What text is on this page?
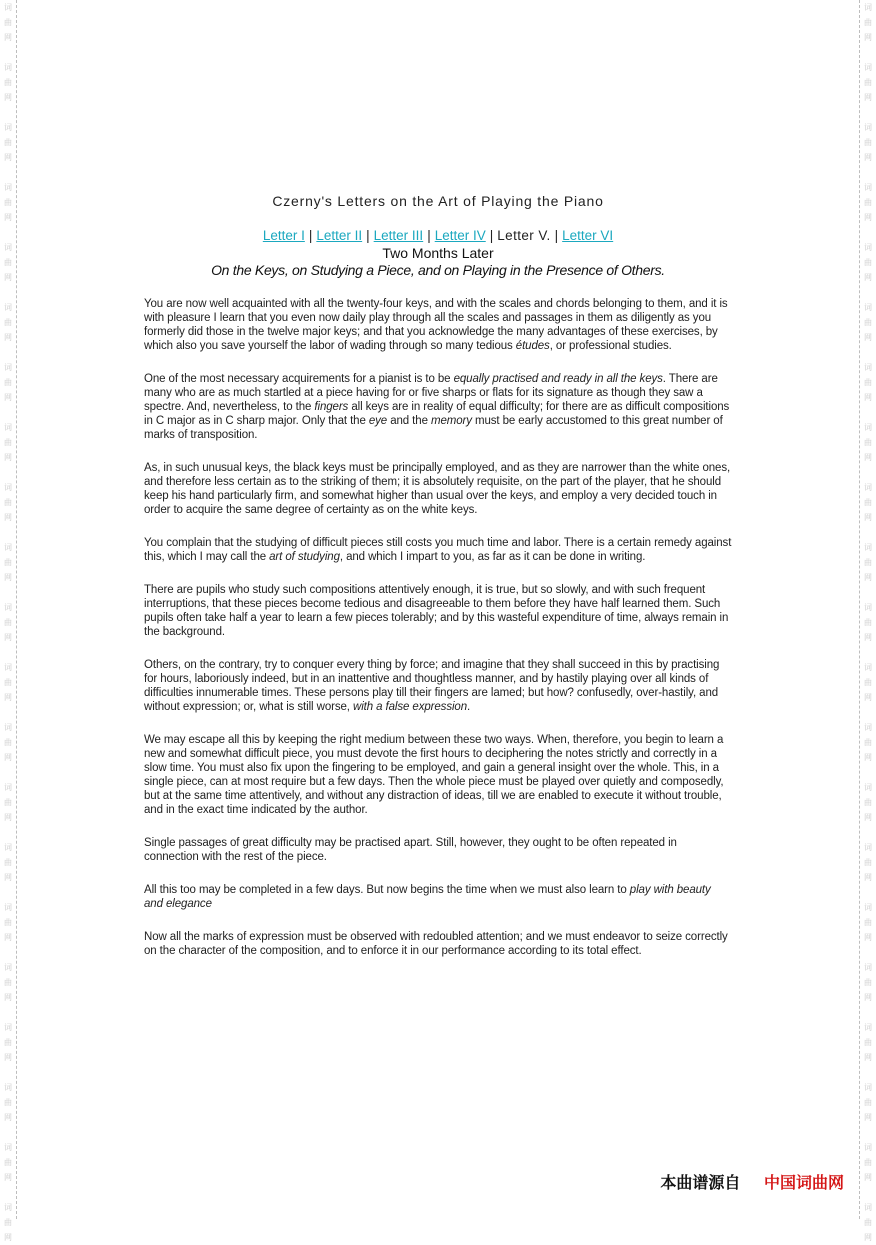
词
曲
网
词
曲
网
词
曲
网
词
曲
网
词
曲
网
词
曲
网
词
曲
网
词
曲
网
词
曲
网
词
曲
网
词
曲
网
词
曲
网
词
曲
网
词
曲
网
词
曲
网
词
曲
网
词
曲
网
词
曲
网
词
曲
网
词
曲
网
词
曲
网
词
曲
网
词
曲
网
词
曲
网
词
曲
网
词
曲
网
词
曲
网
词
曲
网
词
曲
网
词
曲
网
词
曲
网
词
曲
网
词
曲
网
词
曲
网
词
曲
网
词
曲
网
词
曲
网
词
曲
网
词
曲
网
词
曲
网
词
曲
网
词
曲
网
Czerny's Letters on the Art of Playing the Piano
Letter I | Letter II | Letter III | Letter IV | Letter V. | Letter VI
Two Months Later
On the Keys, on Studying a Piece, and on Playing in the Presence of Others.

You are now well acquainted with all the twenty-four keys, and with the scales and chords belonging to them, and it is with pleasure I learn that you even now daily play through all the scales and passages in them as diligently as you formerly did those in the twelve major keys; and that you acknowledge the many advantages of these exercises, by which also you save yourself the labor of wading through so many tedious études, or professional studies.

One of the most necessary acquirements for a pianist is to be equally practised and ready in all the keys. There are many who are as much startled at a piece having for or five sharps or flats for its signature as though they saw a spectre. And, nevertheless, to the fingers all keys are in reality of equal difficulty; for there are as difficult compositions in C major as in C sharp major. Only that the eye and the memory must be early accustomed to this great number of marks of transposition.

As, in such unusual keys, the black keys must be principally employed, and as they are narrower than the white ones, and therefore less certain as to the striking of them; it is absolutely requisite, on the part of the player, that he should keep his hand particularly firm, and somewhat higher than usual over the keys, and employ a very decided touch in order to acquire the same degree of certainty as on the white keys.

You complain that the studying of difficult pieces still costs you much time and labor. There is a certain remedy against this, which I may call the art of studying, and which I impart to you, as far as it can be done in writing.

There are pupils who study such compositions attentively enough, it is true, but so slowly, and with such frequent interruptions, that these pieces become tedious and disagreeable to them before they have half learned them. Such pupils often take half a year to learn a few pieces tolerably; and by this wasteful expenditure of time, always remain in the background.

Others, on the contrary, try to conquer every thing by force; and imagine that they shall succeed in this by practising for hours, laboriously indeed, but in an inattentive and thoughtless manner, and by hastily playing over all kinds of difficulties innumerable times. These persons play till their fingers are lamed; but how? confusedly, over-hastily, and without expression; or, what is still worse, with a false expression.

We may escape all this by keeping the right medium between these two ways. When, therefore, you begin to learn a new and somewhat difficult piece, you must devote the first hours to deciphering the notes strictly and correctly in a slow time. You must also fix upon the fingering to be employed, and gain a general insight over the whole. This, in a single piece, can at most require but a few days. Then the whole piece must be played over quietly and composedly, but at the same time attentively, and without any distraction of ideas, till we are enabled to execute it without trouble, and in the exact time indicated by the author.

Single passages of great difficulty may be practised apart. Still, however, they ought to be often repeated in connection with the rest of the piece.

All this too may be completed in a few days. But now begins the time when we must also learn to play with beauty and elegance

Now all the marks of expression must be observed with redoubled attention; and we must endeavor to seize correctly on the character of the composition, and to enforce it in our performance according to its total effect.

本曲谱源自 中国词曲网
